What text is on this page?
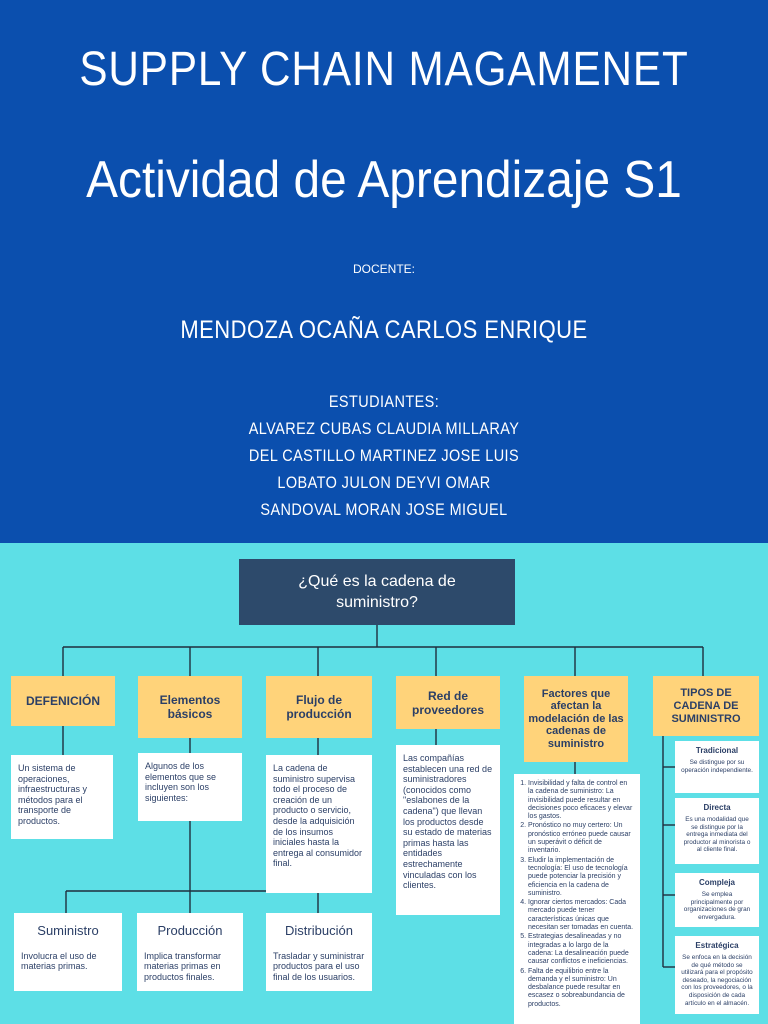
SUPPLY CHAIN MAGAMENET
Actividad de Aprendizaje S1
DOCENTE:
MENDOZA OCAÑA CARLOS ENRIQUE
ESTUDIANTES:
ALVAREZ CUBAS CLAUDIA MILLARAY
DEL CASTILLO MARTINEZ JOSE LUIS
LOBATO JULON DEYVI OMAR
SANDOVAL MORAN JOSE MIGUEL
¿Qué es la cadena de suministro?
DEFENICIÓN	Elementos básicos
Flujo de producción
Red de proveedores
Factores que afectan la modelación de las cadenas de suministro
TIPOS DE CADENA DE SUMINISTRO
Un sistema de operaciones, infraestructuras y métodos para el transporte de productos.
Algunos de los elementos que se incluyen son los siguientes:
La cadena de suministro supervisa todo el proceso de creación de un producto o servicio, desde la adquisición de los insumos iniciales hasta la entrega al consumidor final.
Las compañías establecen una red de suministradores (conocidos como "eslabones de la cadena") que llevan los productos desde su estado de materias primas hasta las entidades estrechamente vinculadas con los clientes.
1. Invisibilidad y falta de control en la cadena de suministro: La invisibilidad puede resultar en decisiones poco eficaces y elevar los gastos.
2. Pronóstico no muy certero: Un pronóstico erróneo puede causar un superávit o déficit de inventario.
3. Eludir la implementación de tecnología: El uso de tecnología puede potenciar la precisión y eficiencia en la cadena de suministro.
4. Ignorar ciertos mercados: Cada mercado puede tener características únicas que necesitan ser tomadas en cuenta.
5. Estrategias desalineadas y no integradas a lo largo de la cadena: La desalineación puede causar conflictos e ineficiencias.
6. Falta de equilibrio entre la demanda y el suministro: Un desbalance puede resultar en escasez o sobreabundancia de productos.
Tradicional
Se distingue por su operación independiente.
Directa
Es una modalidad que se distingue por la entrega inmediata del productor al minorista o al cliente final.
Compleja
Se emplea principalmente por organizaciones de gran envergadura.
Estratégica
Se enfoca en la decisión de qué método se utilizará para el propósito deseado, la negociación con los proveedores, o la disposición de cada artículo en el almacén.
Suministro
Involucra el uso de materias primas.
Producción
Implica transformar materias primas en productos finales.
Distribución
Trasladar y suministrar productos para el uso final de los usuarios.
